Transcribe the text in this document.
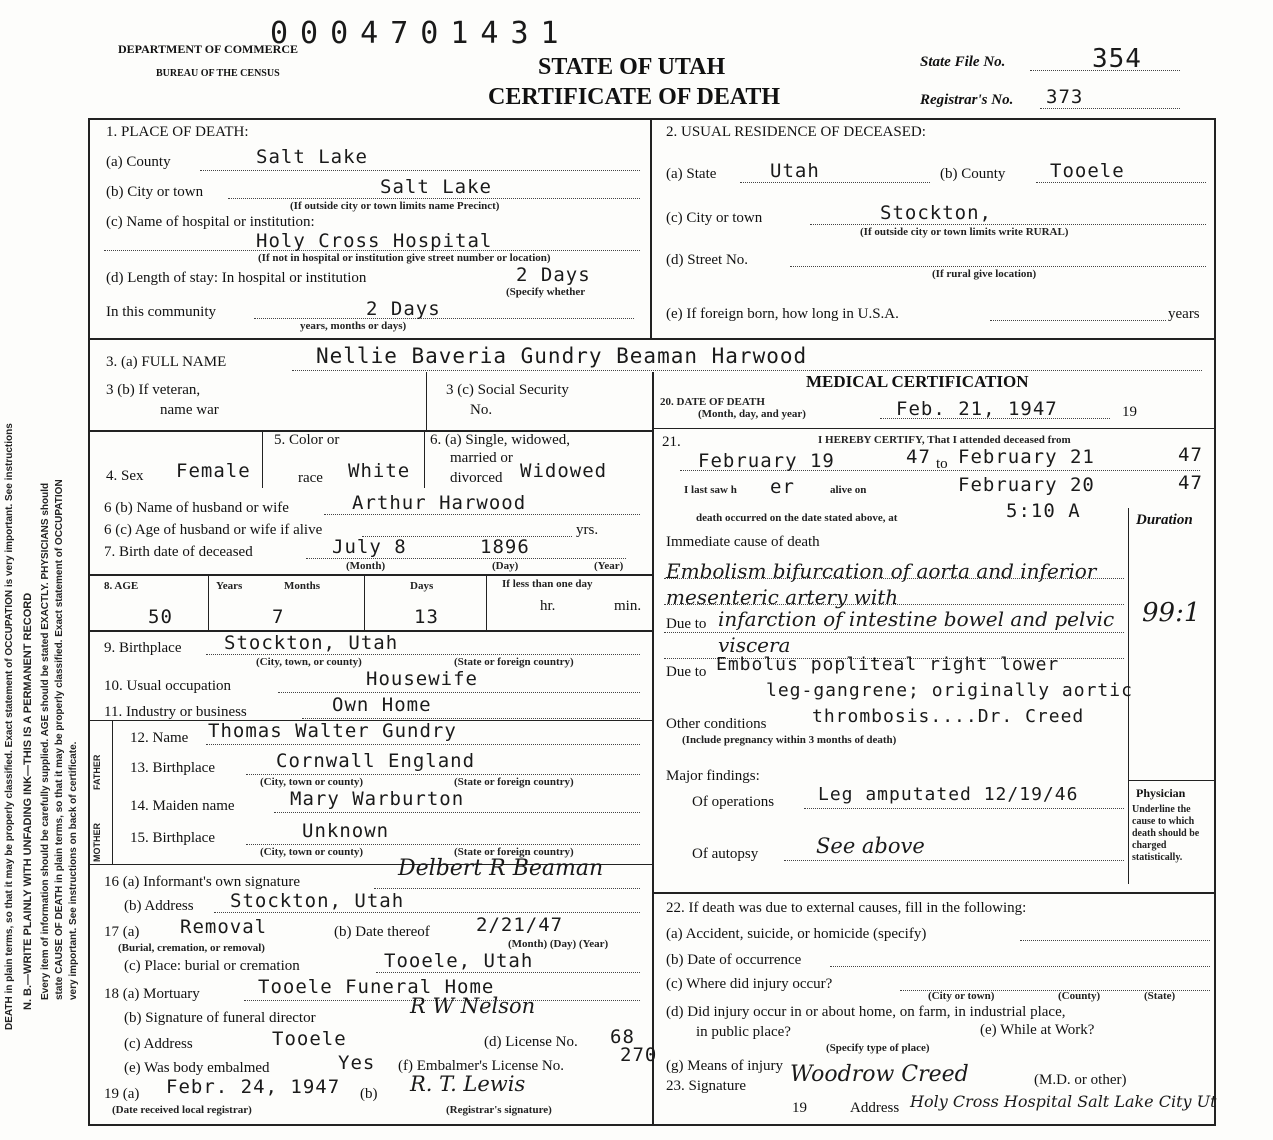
DEATH in plain terms, so that it may be properly classified. Exact statement of OCCUPATION is very important. See instructions N. B.—WRITE PLAINLY WITH UNFADING INK—THIS IS A PERMANENT RECORD Every item of information should be carefully supplied. AGE should be stated EXACTLY. PHYSICIANS should state CAUSE OF DEATH in plain terms, so that it may be properly classified. Exact statement of OCCUPATION very important. See instructions on back of certificate.
0004701431
DEPARTMENT OF COMMERCE
BUREAU OF THE CENSUS	STATE OF UTAH
CERTIFICATE OF DEATH
State File No.	354
Registrar's No. 373
1. PLACE OF DEATH:
(a) County	Salt Lake
(b) City or town	Salt Lake
(If outside city or town limits name Precinct)
(c) Name of hospital or institution:
Holy Cross Hospital
(If not in hospital or institution give street number or location)
(d) Length of stay: In hospital or institution	2 Days
(Specify whether
In this community	2 Days
years, months or days)
2. USUAL RESIDENCE OF DECEASED:
(a) State	Utah	(b) County Tooele
(c) City or town	Stockton,
(If outside city or town limits write RURAL)
(d) Street No.
(If rural give location)
(e) If foreign born, how long in U.S.A.	years
3. (a) FULL NAME	Nellie Baveria Gundry Beaman Harwood
3 (b) If veteran,
name war
3 (c) Social Security
No.
MEDICAL CERTIFICATION
20. DATE OF DEATH
(Month, day, and year)	Feb. 21, 1947	19
4. Sex Female
5. Color or
race White
6. (a) Single, widowed,
married or
divorced Widowed
6 (b) Name of husband or wife	Arthur Harwood
6 (c) Age of husband or wife if alive	yrs.
7. Birth date of deceased	July 8	1896
(Month)	(Day)	(Year)
8. AGE	Years	Months	Days	If less than one day
50	7	13	hr.	min.
9. Birthplace Stockton, Utah
(City, town, or county)	(State or foreign country)
10. Usual occupation	Housewife
11. Industry or business	Own Home
MOTHER
FATHER
12. Name Thomas Walter Gundry
13. Birthplace	Cornwall England
(City, town or county)	(State or foreign country)
14. Maiden name	Mary Warburton
15. Birthplace	Unknown
(City, town or county)	(State or foreign country)
16 (a) Informant's own signature
Delbert R Beaman
(b) Address Stockton, Utah
17 (a) Removal
(Burial, cremation, or removal)
(b) Date thereof 2/21/47
(Month) (Day) (Year)
(c) Place: burial or cremation	Tooele, Utah
18 (a) Mortuary	Tooele Funeral Home
(b) Signature of funeral director	R W Nelson
(c) Address	Tooele	(d) License No. 68
(e) Was body embalmed	Yes (f) Embalmer's License No.	270
19 (a) Febr. 24, 1947
(Date received local registrar)
(b) R. T. Lewis
(Registrar's signature)
I HEREBY CERTIFY, That I attended deceased from
21.
February 19	47 to February 21	47
I last saw h er	alive on	February 20	47
death occurred on the date stated above, at	5:10 A	Duration
Immediate cause of death
Embolism bifurcation of aorta and inferior mesenteric artery with
Due to infarction of intestine bowel and pelvic viscera
99:1
Due to Embolus popliteal right lower
leg-gangrene; originally aortic
Other conditions	thrombosis....Dr. Creed
(Include pregnancy within 3 months of death)
Major findings:
Of operations Leg amputated 12/19/46
Of autopsy	See above
Physician
Underline the cause to which death should be charged statistically.
22. If death was due to external causes, fill in the following:
(a) Accident, suicide, or homicide (specify)
(b) Date of occurrence
(c) Where did injury occur?
(City or town)	(County)	(State)
(d) Did injury occur in or about home, on farm, in industrial place,
in public place?	(e) While at Work?
(Specify type of place)
(g) Means of injury
23. Signature Woodrow Creed	(M.D. or other)
19	Address Holy Cross Hospital Salt Lake City Ut
